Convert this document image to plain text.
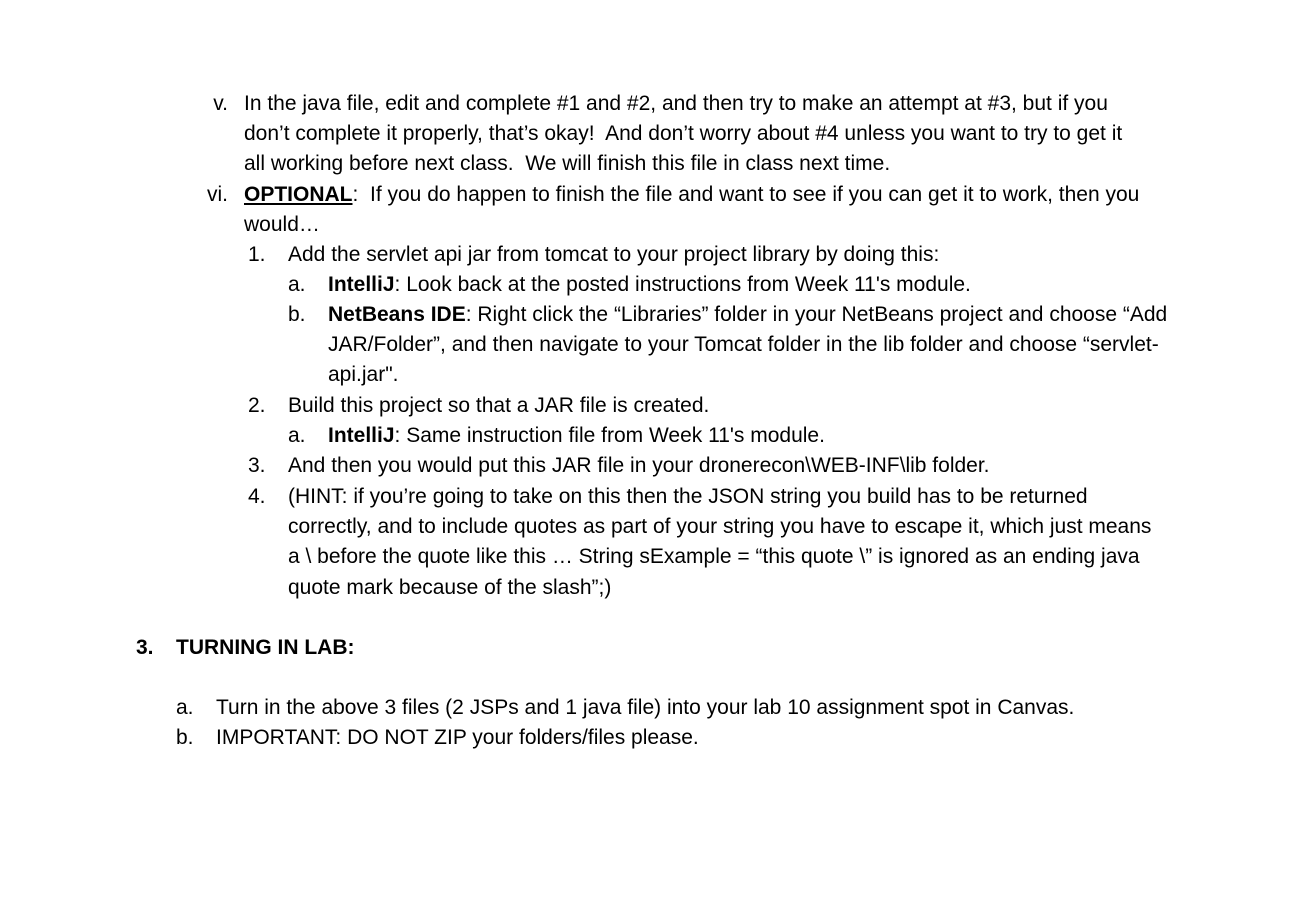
v. In the java file, edit and complete #1 and #2, and then try to make an attempt at #3, but if you
don’t complete it properly, that’s okay!  And don’t worry about #4 unless you want to try to get it
all working before next class.  We will finish this file in class next time.
vi. OPTIONAL:  If you do happen to finish the file and want to see if you can get it to work, then you
would…
1. Add the servlet api jar from tomcat to your project library by doing this:
a. IntelliJ: Look back at the posted instructions from Week 11's module.
b. NetBeans IDE: Right click the “Libraries” folder in your NetBeans project and choose “Add
JAR/Folder”, and then navigate to your Tomcat folder in the lib folder and choose “servlet-
api.jar".
2. Build this project so that a JAR file is created.
a. IntelliJ: Same instruction file from Week 11's module.
3. And then you would put this JAR file in your dronerecon\WEB-INF\lib folder.
4. (HINT: if you’re going to take on this then the JSON string you build has to be returned
correctly, and to include quotes as part of your string you have to escape it, which just means
a \ before the quote like this … String sExample = “this quote \” is ignored as an ending java
quote mark because of the slash”;)
3. TURNING IN LAB:
a. Turn in the above 3 files (2 JSPs and 1 java file) into your lab 10 assignment spot in Canvas.
b. IMPORTANT: DO NOT ZIP your folders/files please.
